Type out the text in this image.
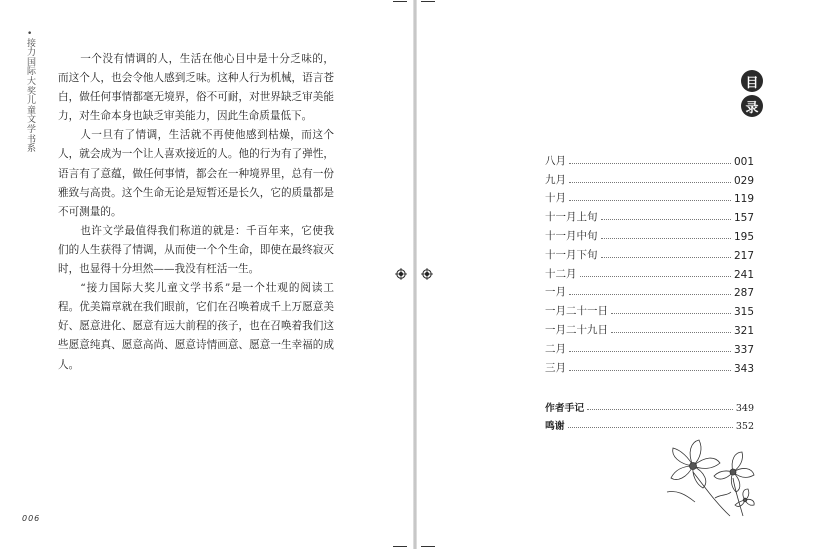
•接力国际大奖儿童文学书系

一个没有情调的人，生活在他心目中是十分乏味的，而这个人，也会令他人感到乏味。这种人行为机械，语言苍白，做任何事情都毫无境界，俗不可耐，对世界缺乏审美能力，对生命本身也缺乏审美能力，因此生命质量低下。

人一旦有了情调，生活就不再使他感到枯燥，而这个人，就会成为一个让人喜欢接近的人。他的行为有了弹性，语言有了意蕴，做任何事情，都会在一种境界里，总有一份雅致与高贵。这个生命无论是短暂还是长久，它的质量都是不可测量的。

也许文学最值得我们称道的就是：千百年来，它使我们的人生获得了情调，从而使一个个生命，即使在最终寂灭时，也显得十分坦然——我没有枉活一生。

“接力国际大奖儿童文学书系”是一个壮观的阅读工程。优美篇章就在我们眼前，它们在召唤着成千上万愿意美好、愿意进化、愿意有远大前程的孩子，也在召唤着我们这些愿意纯真、愿意高尚、愿意诗情画意、愿意一生幸福的成人。

006
目
录
八月	001
九月	029
十月	119
十一月上旬	157
十一月中旬	195
十一月下旬	217
十二月	241
一月	287
一月二十一日	315
一月二十九日	321
二月	337
三月	343
作者手记	349
鸣谢	352
